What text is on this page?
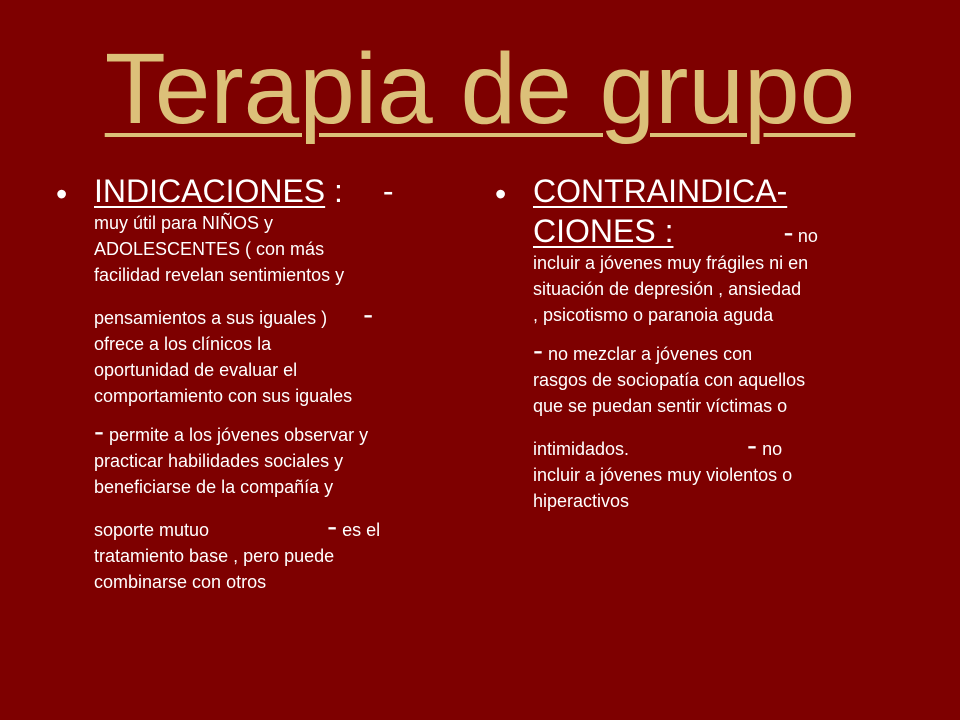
Terapia de grupo
• INDICACIONES : -
muy útil para NIÑOS y
ADOLESCENTES ( con más
facilidad revelan sentimientos y
pensamientos a sus iguales ) -
ofrece a los clínicos la
oportunidad de evaluar el
comportamiento con sus iguales
- permite a los jóvenes observar y
practicar habilidades sociales y
beneficiarse de la compañía y
soporte mutuo	- es el
tratamiento base , pero puede
combinarse con otros
• CONTRAINDICA-
CIONES :	- no
incluir a jóvenes muy frágiles ni en
situación de depresión , ansiedad
, psicotismo o paranoia aguda
- no mezclar a jóvenes con
rasgos de sociopatía con aquellos
que se puedan sentir víctimas o
intimidados.	- no
incluir a jóvenes muy violentos o
hiperactivos
